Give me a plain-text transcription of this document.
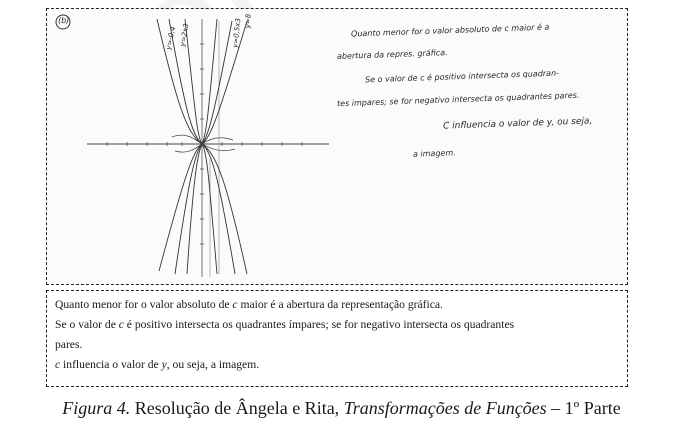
(b)
y=-0,4 y=2x3	y=0,5x3 y=8
Quanto menor for o valor absoluto de c maior é a
abertura da repres. gráfica.
Se o valor de c é positivo intersecta os quadran-
tes impares; se for negativo intersecta os quadrantes pares.
C influencia o valor de y, ou seja,
a imagem.

Quanto menor for o valor absoluto de c maior é a abertura da representação gráfica.

Se o valor de c é positivo intersecta os quadrantes ímpares; se for negativo intersecta os quadrantes

pares.

c influencia o valor de y, ou seja, a imagem.

Figura 4. Resolução de Ângela e Rita, Transformações de Funções – 1º Parte
